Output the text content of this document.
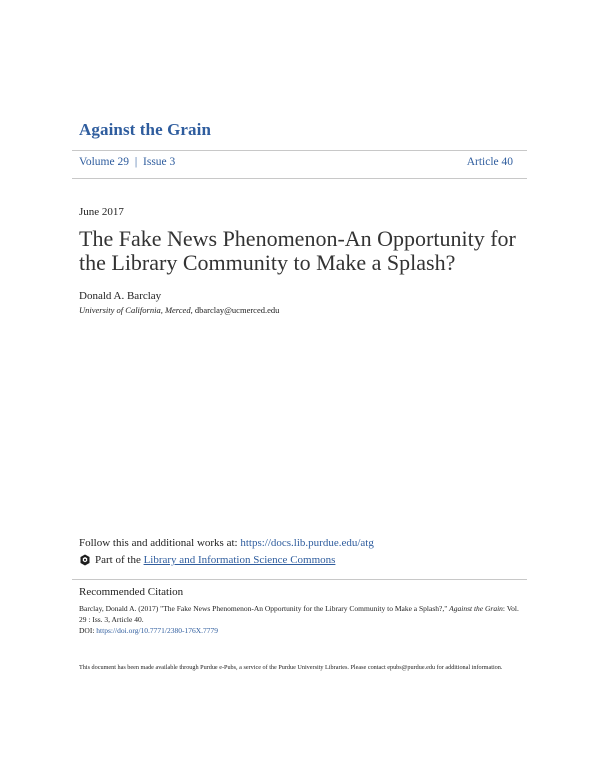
Against the Grain
Volume 29 | Issue 3	Article 40
June 2017
The Fake News Phenomenon-An Opportunity for the Library Community to Make a Splash?
Donald A. Barclay
University of California, Merced, dbarclay@ucmerced.edu
Follow this and additional works at: https://docs.lib.purdue.edu/atg
Part of the
Library and Information Science Commons
Recommended Citation
Barclay, Donald A. (2017) "The Fake News Phenomenon-An Opportunity for the Library Community to Make a Splash?," Against the Grain: Vol. 29 : Iss. 3, Article 40.
DOI: https://doi.org/10.7771/2380-176X.7779
This document has been made available through Purdue e-Pubs, a service of the Purdue University Libraries. Please contact epubs@purdue.edu for additional information.
